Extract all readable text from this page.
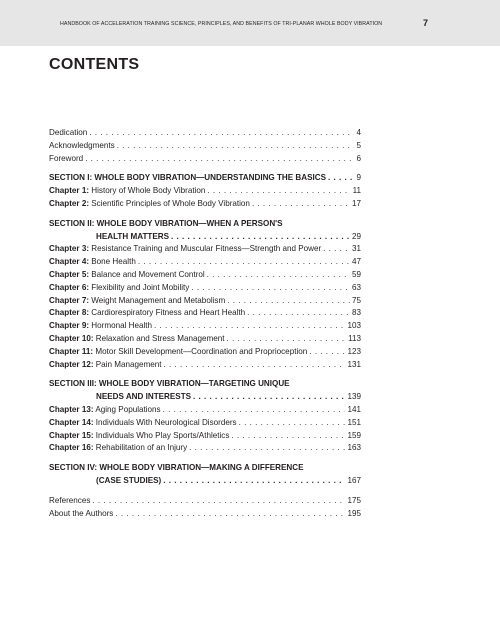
HANDBOOK OF ACCELERATION TRAINING SCIENCE, PRINCIPLES, AND BENEFITS OF TRI-PLANAR WHOLE BODY VIBRATION	7
CONTENTS
Dedication . . .	4
Acknowledgments . . .	5
Foreword . . .	6
SECTION I: WHOLE BODY VIBRATION—UNDERSTANDING THE BASICS . . .	9
Chapter 1: History of Whole Body Vibration . . .	11
Chapter 2: Scientific Principles of Whole Body Vibration . . .	17
SECTION II: WHOLE BODY VIBRATION—WHEN A PERSON'S
HEALTH MATTERS . . .	29
Chapter 3: Resistance Training and Muscular Fitness—Strength and Power . . .	31
Chapter 4: Bone Health . . .	47
Chapter 5: Balance and Movement Control . . .	59
Chapter 6: Flexibility and Joint Mobility . . .	63
Chapter 7: Weight Management and Metabolism . . .	75
Chapter 8: Cardiorespiratory Fitness and Heart Health . . .	83
Chapter 9: Hormonal Health . . .	103
Chapter 10: Relaxation and Stress Management . . .	113
Chapter 11: Motor Skill Development—Coordination and Proprioception . . .	123
Chapter 12: Pain Management . . .	131
SECTION III: WHOLE BODY VIBRATION—TARGETING UNIQUE
NEEDS AND INTERESTS . . .	139
Chapter 13: Aging Populations . . .	141
Chapter 14: Individuals With Neurological Disorders . . .	151
Chapter 15: Individuals Who Play Sports/Athletics . . .	159
Chapter 16: Rehabilitation of an Injury . . .	163
SECTION IV: WHOLE BODY VIBRATION—MAKING A DIFFERENCE
(CASE STUDIES) . . .	167
References . . .	175
About the Authors . . .	195
